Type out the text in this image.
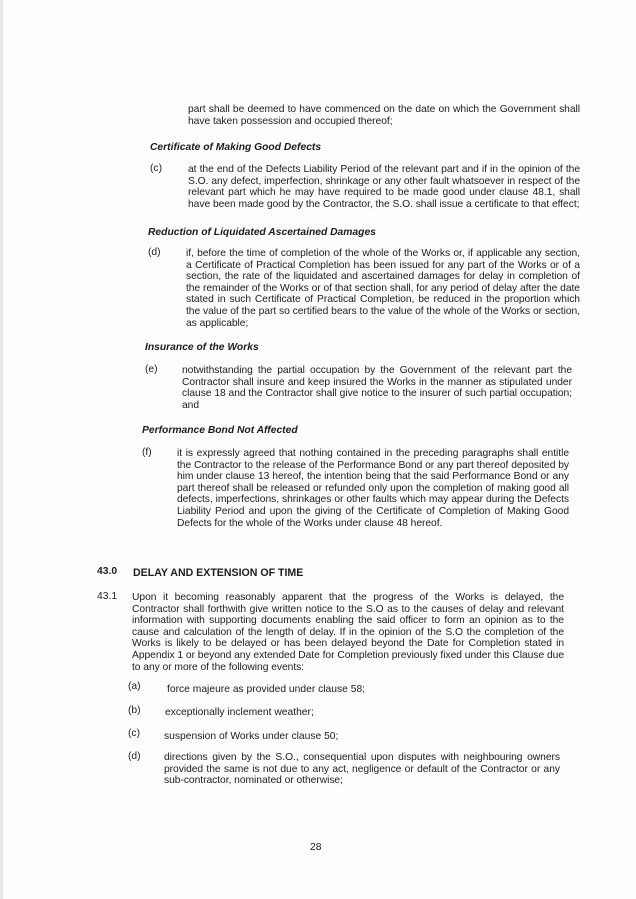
part shall be deemed to have commenced on the date on which the Government shall have taken possession and occupied thereof;
Certificate of Making Good Defects
(c)	at the end of the Defects Liability Period of the relevant part and if in the opinion of the S.O. any defect, imperfection, shrinkage or any other fault whatsoever in respect of the relevant part which he may have required to be made good under clause 48.1, shall have been made good by the Contractor, the S.O. shall issue a certificate to that effect;
Reduction of Liquidated Ascertained Damages
(d) if, before the time of completion of the whole of the Works or, if applicable any section, a Certificate of Practical Completion has been issued for any part of the Works or of a section, the rate of the liquidated and ascertained damages for delay in completion of the remainder of the Works or of that section shall, for any period of delay after the date stated in such Certificate of Practical Completion, be reduced in the proportion which the value of the part so certified bears to the value of the whole of the Works or section, as applicable;
Insurance of the Works
(e) notwithstanding the partial occupation by the Government of the relevant part the Contractor shall insure and keep insured the Works in the manner as stipulated under clause 18 and the Contractor shall give notice to the insurer of such partial occupation; and
Performance Bond Not Affected
(f) it is expressly agreed that nothing contained in the preceding paragraphs shall entitle the Contractor to the release of the Performance Bond or any part thereof deposited by him under clause 13 hereof, the intention being that the said Performance Bond or any part thereof shall be released or refunded only upon the completion of making good all defects, imperfections, shrinkages or other faults which may appear during the Defects Liability Period and upon the giving of the Certificate of Completion of Making Good Defects for the whole of the Works under clause 48 hereof.
43.0 DELAY AND EXTENSION OF TIME
43.1 Upon it becoming reasonably apparent that the progress of the Works is delayed, the Contractor shall forthwith give written notice to the S.O as to the causes of delay and relevant information with supporting documents enabling the said officer to form an opinion as to the cause and calculation of the length of delay. If in the opinion of the S.O the completion of the Works is likely to be delayed or has been delayed beyond the Date for Completion stated in Appendix 1 or beyond any extended Date for Completion previously fixed under this Clause due to any or more of the following events:
(a)	force majeure as provided under clause 58;
(b) exceptionally inclement weather;
(c) suspension of Works under clause 50;
(d) directions given by the S.O., consequential upon disputes with neighbouring owners provided the same is not due to any act, negligence or default of the Contractor or any sub-contractor, nominated or otherwise;
28
